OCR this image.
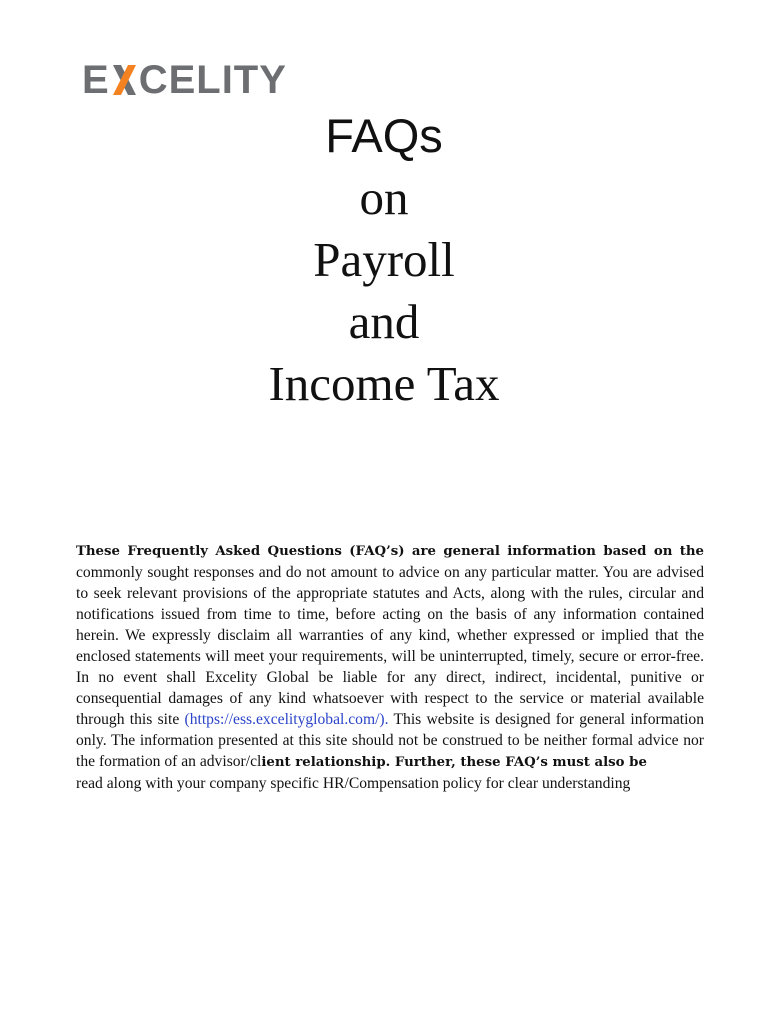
E CELITY
FAQs
on
Payroll
and
Income Tax
These Frequently Asked Questions (FAQ’s) are general information based on the commonly sought responses and do not amount to advice on any particular matter. You are advised to seek relevant provisions of the appropriate statutes and Acts, along with the rules, circular and notifications issued from time to time, before acting on the basis of any information contained herein. We expressly disclaim all warranties of any kind, whether expressed or implied that the enclosed statements will meet your requirements, will be uninterrupted, timely, secure or error-free. In no event shall Excelity Global be liable for any direct, indirect, incidental, punitive or consequential damages of any kind whatsoever with respect to the service or material available through this site (https://ess.excelityglobal.com/). This website is designed for general information only. The information presented at this site should not be construed to be neither formal advice nor the formation of an advisor/client relationship. Further, these FAQ’s must also be
read along with your company specific HR/Compensation policy for clear understanding
